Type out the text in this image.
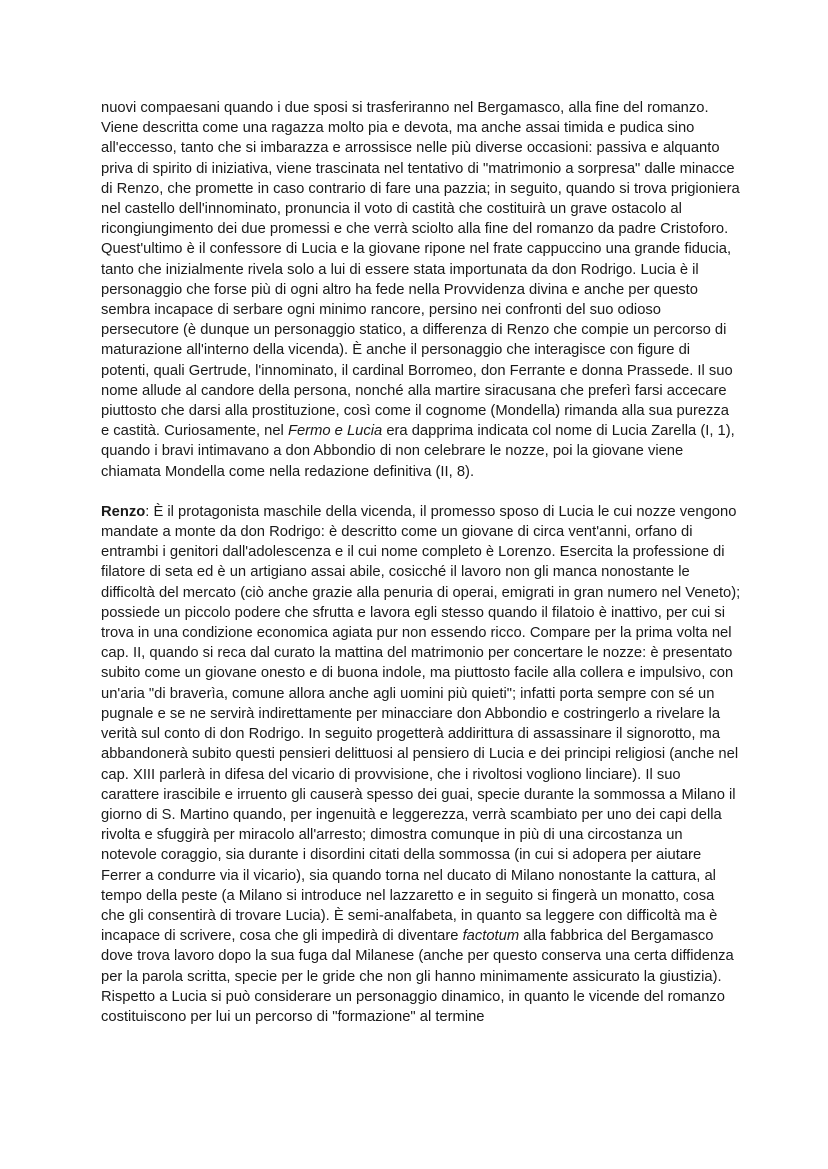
nuovi compaesani quando i due sposi si trasferiranno nel Bergamasco, alla fine del romanzo. Viene descritta come una ragazza molto pia e devota, ma anche assai timida e pudica sino all'eccesso, tanto che si imbarazza e arrossisce nelle più diverse occasioni: passiva e alquanto priva di spirito di iniziativa, viene trascinata nel tentativo di "matrimonio a sorpresa" dalle minacce di Renzo, che promette in caso contrario di fare una pazzia; in seguito, quando si trova prigioniera nel castello dell'innominato, pronuncia il voto di castità che costituirà un grave ostacolo al ricongiungimento dei due promessi e che verrà sciolto alla fine del romanzo da padre Cristoforo. Quest'ultimo è il confessore di Lucia e la giovane ripone nel frate cappuccino una grande fiducia, tanto che inizialmente rivela solo a lui di essere stata importunata da don Rodrigo. Lucia è il personaggio che forse più di ogni altro ha fede nella Provvidenza divina e anche per questo sembra incapace di serbare ogni minimo rancore, persino nei confronti del suo odioso persecutore (è dunque un personaggio statico, a differenza di Renzo che compie un percorso di maturazione all'interno della vicenda). È anche il personaggio che interagisce con figure di potenti, quali Gertrude, l'innominato, il cardinal Borromeo, don Ferrante e donna Prassede. Il suo nome allude al candore della persona, nonché alla martire siracusana che preferì farsi accecare piuttosto che darsi alla prostituzione, così come il cognome (Mondella) rimanda alla sua purezza e castità. Curiosamente, nel Fermo e Lucia era dapprima indicata col nome di Lucia Zarella (I, 1), quando i bravi intimavano a don Abbondio di non celebrare le nozze, poi la giovane viene chiamata Mondella come nella redazione definitiva (II, 8).

Renzo: È il protagonista maschile della vicenda, il promesso sposo di Lucia le cui nozze vengono mandate a monte da don Rodrigo: è descritto come un giovane di circa vent'anni, orfano di entrambi i genitori dall'adolescenza e il cui nome completo è Lorenzo. Esercita la professione di filatore di seta ed è un artigiano assai abile, cosicché il lavoro non gli manca nonostante le difficoltà del mercato (ciò anche grazie alla penuria di operai, emigrati in gran numero nel Veneto); possiede un piccolo podere che sfrutta e lavora egli stesso quando il filatoio è inattivo, per cui si trova in una condizione economica agiata pur non essendo ricco. Compare per la prima volta nel cap. II, quando si reca dal curato la mattina del matrimonio per concertare le nozze: è presentato subito come un giovane onesto e di buona indole, ma piuttosto facile alla collera e impulsivo, con un'aria "di braverìa, comune allora anche agli uomini più quieti"; infatti porta sempre con sé un pugnale e se ne servirà indirettamente per minacciare don Abbondio e costringerlo a rivelare la verità sul conto di don Rodrigo. In seguito progetterà addirittura di assassinare il signorotto, ma abbandonerà subito questi pensieri delittuosi al pensiero di Lucia e dei principi religiosi (anche nel cap. XIII parlerà in difesa del vicario di provvisione, che i rivoltosi vogliono linciare). Il suo carattere irascibile e irruento gli causerà spesso dei guai, specie durante la sommossa a Milano il giorno di S. Martino quando, per ingenuità e leggerezza, verrà scambiato per uno dei capi della rivolta e sfuggirà per miracolo all'arresto; dimostra comunque in più di una circostanza un notevole coraggio, sia durante i disordini citati della sommossa (in cui si adopera per aiutare Ferrer a condurre via il vicario), sia quando torna nel ducato di Milano nonostante la cattura, al tempo della peste (a Milano si introduce nel lazzaretto e in seguito si fingerà un monatto, cosa che gli consentirà di trovare Lucia). È semi-analfabeta, in quanto sa leggere con difficoltà ma è incapace di scrivere, cosa che gli impedirà di diventare factotum alla fabbrica del Bergamasco dove trova lavoro dopo la sua fuga dal Milanese (anche per questo conserva una certa diffidenza per la parola scritta, specie per le gride che non gli hanno minimamente assicurato la giustizia). Rispetto a Lucia si può considerare un personaggio dinamico, in quanto le vicende del romanzo costituiscono per lui un percorso di "formazione" al termine
